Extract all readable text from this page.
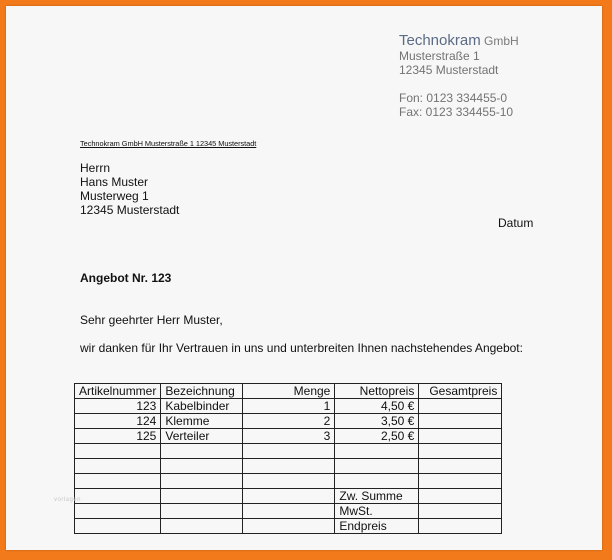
Technokram GmbH
Musterstraße 1
12345 Musterstadt
Fon: 0123 334455-0
Fax: 0123 334455-10
Technokram GmbH Musterstraße 1 12345 Musterstadt
Herrn
Hans Muster
Musterweg 1
12345 Musterstadt
Datum
Angebot Nr. 123
Sehr geehrter Herr Muster,
wir danken für Ihr Vertrauen in uns und unterbreiten Ihnen nachstehendes Angebot:
Artikelnummer	Bezeichnung	Menge	Nettopreis	Gesamtpreis
123	Kabelbinder	1	4,50 €	
124	Klemme	2	3,50 €	
125	Verteiler	3	2,50 €	

			Zw. Summe	
			MwSt.	
			Endpreis	
vorlagen
